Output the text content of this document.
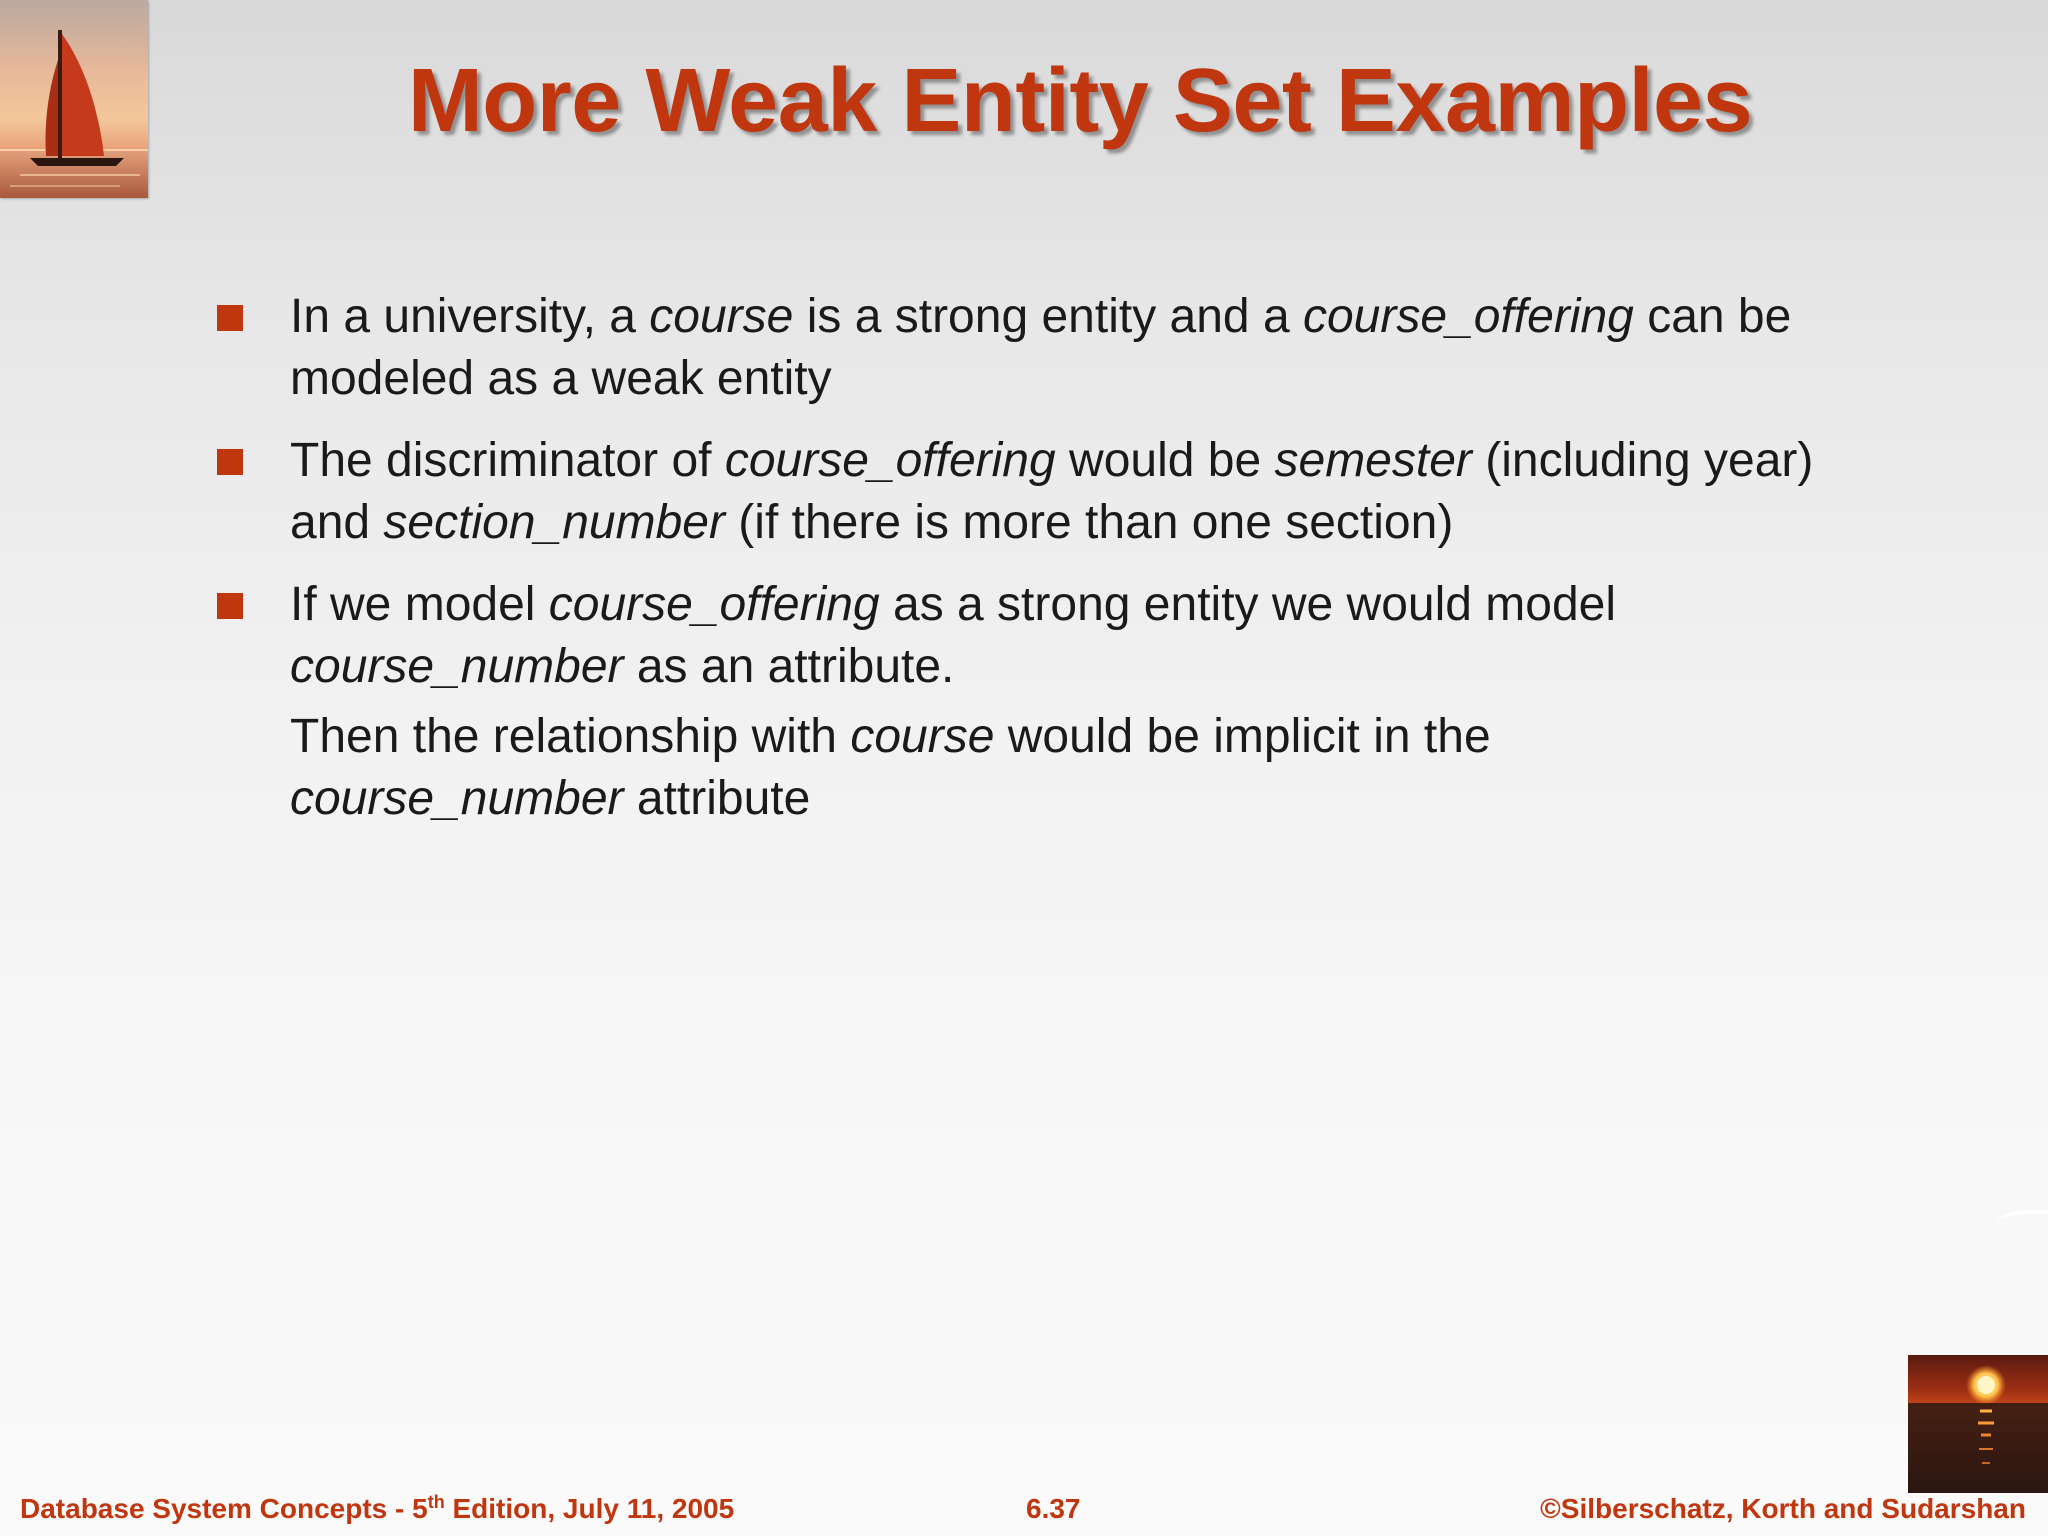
More Weak Entity Set Examples
In a university, a course is a strong entity and a course_offering can be modeled as a weak entity
The discriminator of course_offering would be semester (including year) and section_number (if there is more than one section)
If we model course_offering as a strong entity we would model course_number as an attribute.
Then the relationship with course would be implicit in the course_number attribute
Database System Concepts - 5th Edition, July 11, 2005	6.37	©Silberschatz, Korth and Sudarshan
